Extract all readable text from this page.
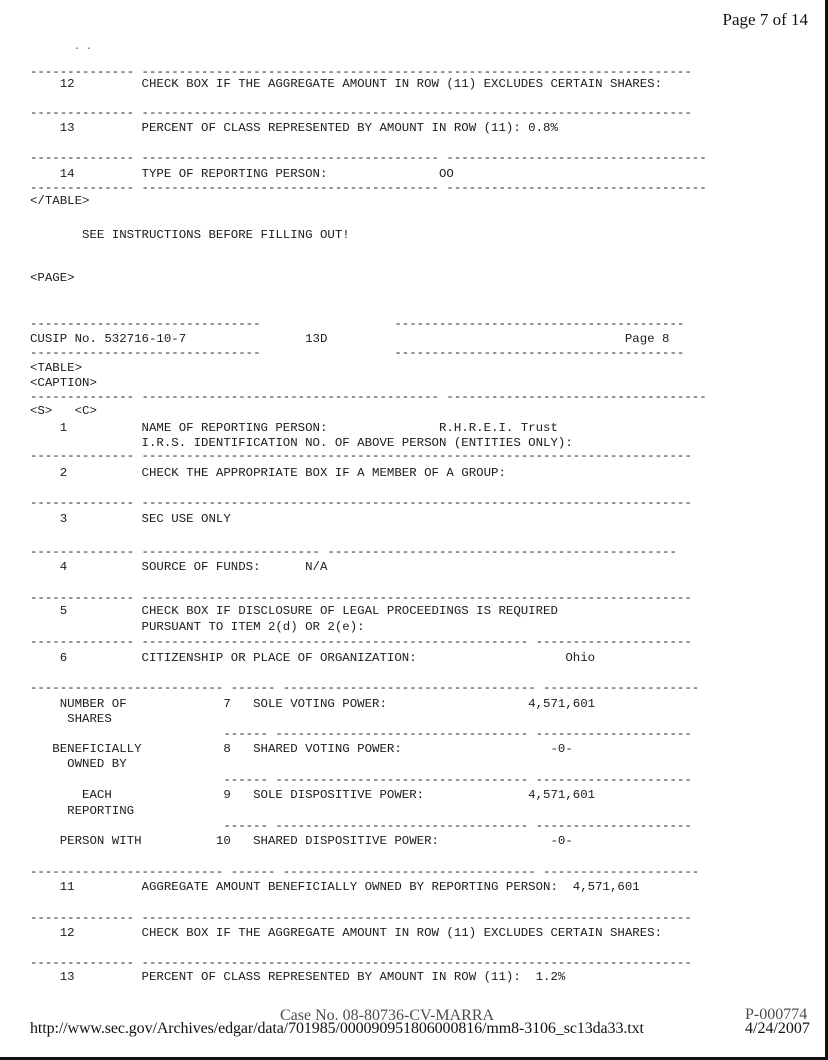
Page 7 of 14
. .
-------------- --------------------------------------------------------------------------
12         CHECK BOX IF THE AGGREGATE AMOUNT IN ROW (11) EXCLUDES CERTAIN SHARES:
-------------- --------------------------------------------------------------------------
13         PERCENT OF CLASS REPRESENTED BY AMOUNT IN ROW (11): 0.8%
-------------- ---------------------------------------- -----------------------------------
14         TYPE OF REPORTING PERSON:               OO
-------------- ---------------------------------------- -----------------------------------
</TABLE>
SEE INSTRUCTIONS BEFORE FILLING OUT!
<PAGE>
-------------------------------                  ---------------------------------------
CUSIP No. 532716-10-7                13D                                        Page 8
-------------------------------                  ---------------------------------------
<TABLE>
<CAPTION>
-------------- ---------------------------------------- -----------------------------------
<S>   <C>
1          NAME OF REPORTING PERSON:               R.H.R.E.I. Trust
I.R.S. IDENTIFICATION NO. OF ABOVE PERSON (ENTITIES ONLY):
-------------- --------------------------------------------------------------------------
2          CHECK THE APPROPRIATE BOX IF A MEMBER OF A GROUP:
-------------- --------------------------------------------------------------------------
3          SEC USE ONLY
-------------- ------------------------ -----------------------------------------------
4          SOURCE OF FUNDS:      N/A
-------------- --------------------------------------------------------------------------
5          CHECK BOX IF DISCLOSURE OF LEGAL PROCEEDINGS IS REQUIRED
PURSUANT TO ITEM 2(d) OR 2(e):
-------------- ---------------------------------------------------- ---------------------
6          CITIZENSHIP OR PLACE OF ORGANIZATION:                    Ohio
-------------------------- ------ ---------------------------------- ---------------------
NUMBER OF             7   SOLE VOTING POWER:                   4,571,601
SHARES
------ ---------------------------------- ---------------------
BENEFICIALLY           8   SHARED VOTING POWER:                    -0-
OWNED BY
------ ---------------------------------- ---------------------
EACH               9   SOLE DISPOSITIVE POWER:              4,571,601
REPORTING
------ ---------------------------------- ---------------------
PERSON WITH          10   SHARED DISPOSITIVE POWER:               -0-
-------------------------- ------ ---------------------------------- ---------------------
11         AGGREGATE AMOUNT BENEFICIALLY OWNED BY REPORTING PERSON:  4,571,601
-------------- --------------------------------------------------------------------------
12         CHECK BOX IF THE AGGREGATE AMOUNT IN ROW (11) EXCLUDES CERTAIN SHARES:
-------------- --------------------------------------------------------------------------
13         PERCENT OF CLASS REPRESENTED BY AMOUNT IN ROW (11):  1.2%
http://www.sec.gov/Archives/edgar/data/701985/000090951806000816/mm8-3106_sc13da33.txt	4/24/2007
Case No. 08-80736-CV-MARRA	P-000774
